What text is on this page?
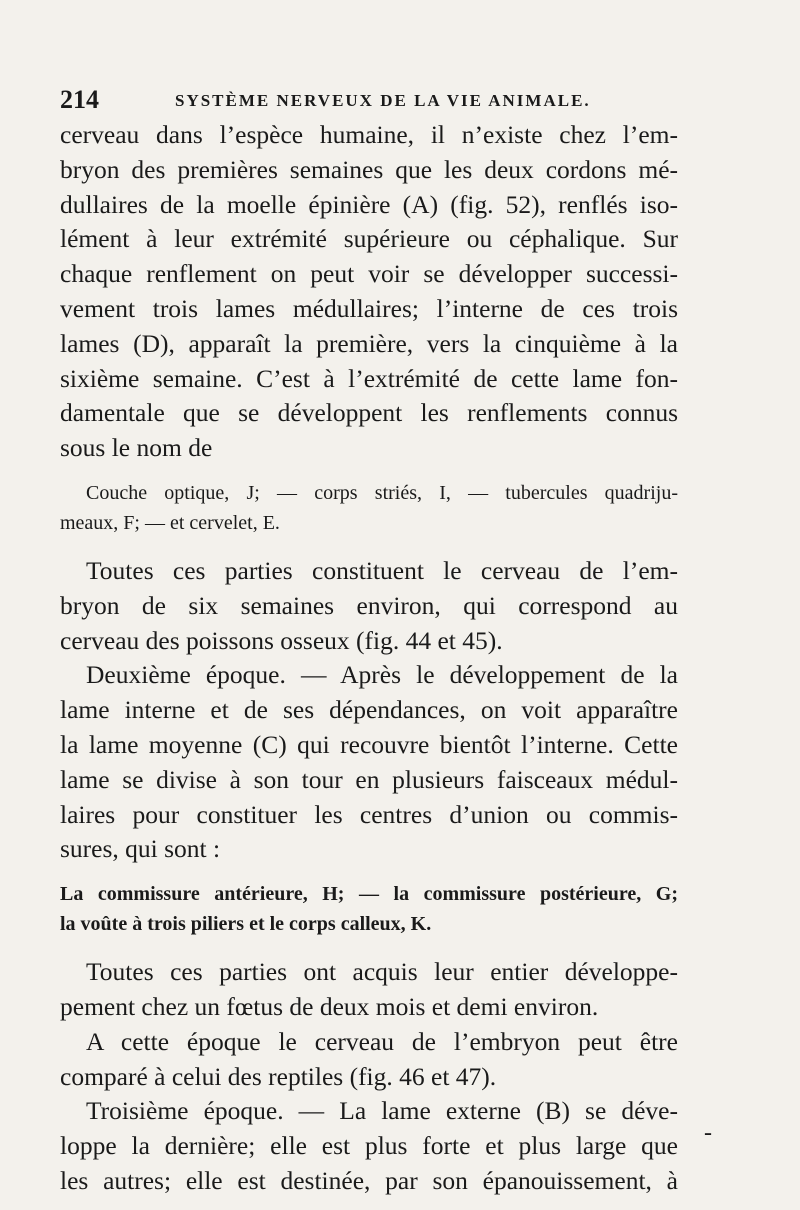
214	SYSTÈME NERVEUX DE LA VIE ANIMALE.
cerveau dans l’espèce humaine, il n’existe chez l’em-
bryon des premières semaines que les deux cordons mé-
dullaires de la moelle épinière (A) (fig. 52), renflés iso-
lément à leur extrémité supérieure ou céphalique. Sur
chaque renflement on peut voir se développer successi-
vement trois lames médullaires; l’interne de ces trois
lames (D), apparaît la première, vers la cinquième à la
sixième semaine. C’est à l’extrémité de cette lame fon-
damentale que se développent les renflements connus
sous le nom de
Couche optique, J; — corps striés, I, — tubercules quadriju-
meaux, F; — et cervelet, E.
Toutes ces parties constituent le cerveau de l’em-
bryon de six semaines environ, qui correspond au
cerveau des poissons osseux (fig. 44 et 45).
Deuxième époque. — Après le développement de la
lame interne et de ses dépendances, on voit apparaître
la lame moyenne (C) qui recouvre bientôt l’interne. Cette
lame se divise à son tour en plusieurs faisceaux médul-
laires pour constituer les centres d’union ou commis-
sures, qui sont :
La commissure antérieure, H; — la commissure postérieure, G;
la voûte à trois piliers et le corps calleux, K.
Toutes ces parties ont acquis leur entier développe-
pement chez un fœtus de deux mois et demi environ.
A cette époque le cerveau de l’embryon peut être
comparé à celui des reptiles (fig. 46 et 47).
Troisième époque. — La lame externe (B) se déve-
loppe la dernière; elle est plus forte et plus large que
les autres; elle est destinée, par son épanouissement, à
-
